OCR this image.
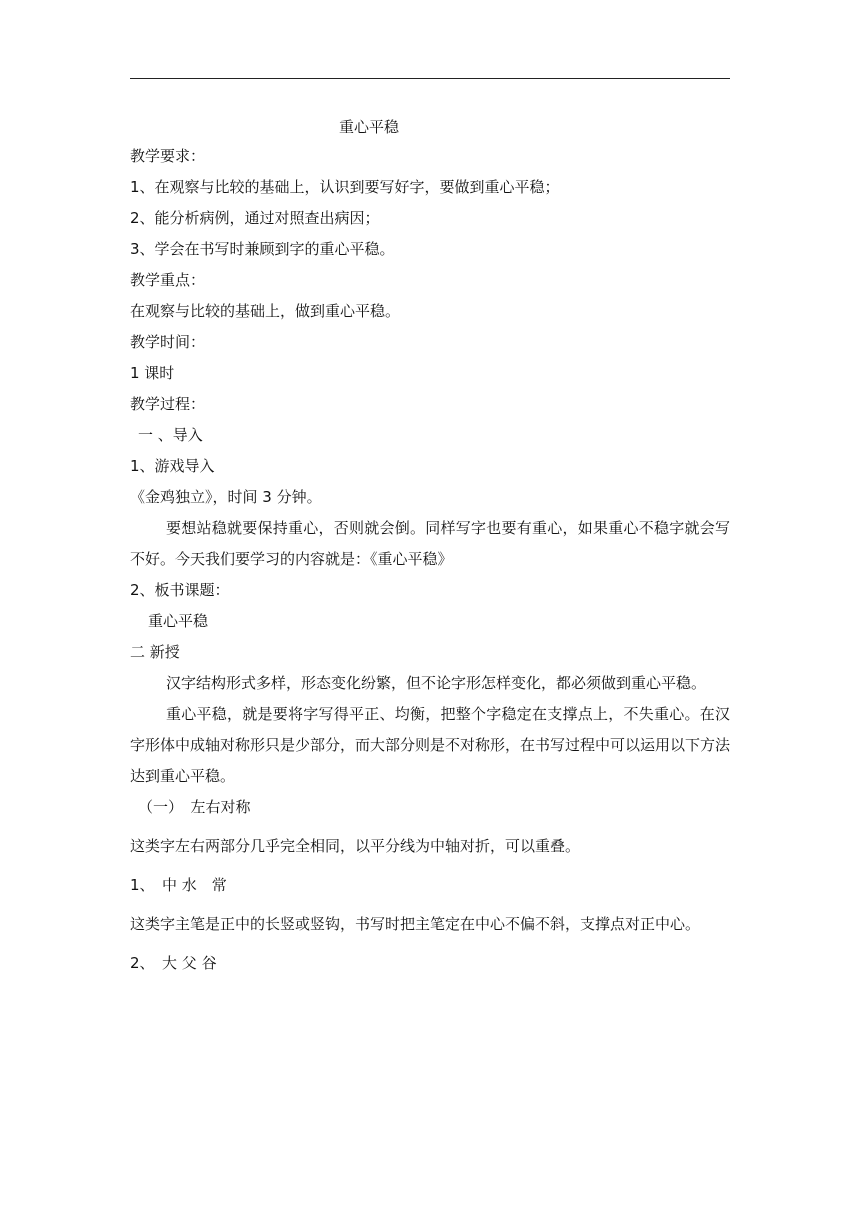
重心平稳
教学要求：
1、在观察与比较的基础上，认识到要写好字，要做到重心平稳；
2、能分析病例，通过对照查出病因；
3、学会在书写时兼顾到字的重心平稳。
教学重点：
在观察与比较的基础上，做到重心平稳。
教学时间：
1 课时
教学过程：
一 、导入
1、游戏导入
《金鸡独立》，时间 3 分钟。
要想站稳就要保持重心，否则就会倒。同样写字也要有重心，如果重心不稳字就会写不好。今天我们要学习的内容就是：《重心平稳》
2、板书课题：
重心平稳
二 新授
汉字结构形式多样，形态变化纷繁，但不论字形怎样变化，都必须做到重心平稳。
重心平稳，就是要将字写得平正、均衡，把整个字稳定在支撑点上，不失重心。在汉字形体中成轴对称形只是少部分，而大部分则是不对称形，在书写过程中可以运用以下方法达到重心平稳。
（一）　左右对称
这类字左右两部分几乎完全相同，以平分线为中轴对折，可以重叠。
1、　中 水　常
这类字主笔是正中的长竖或竖钩，书写时把主笔定在中心不偏不斜，支撑点对正中心。
2、　大 父 谷
